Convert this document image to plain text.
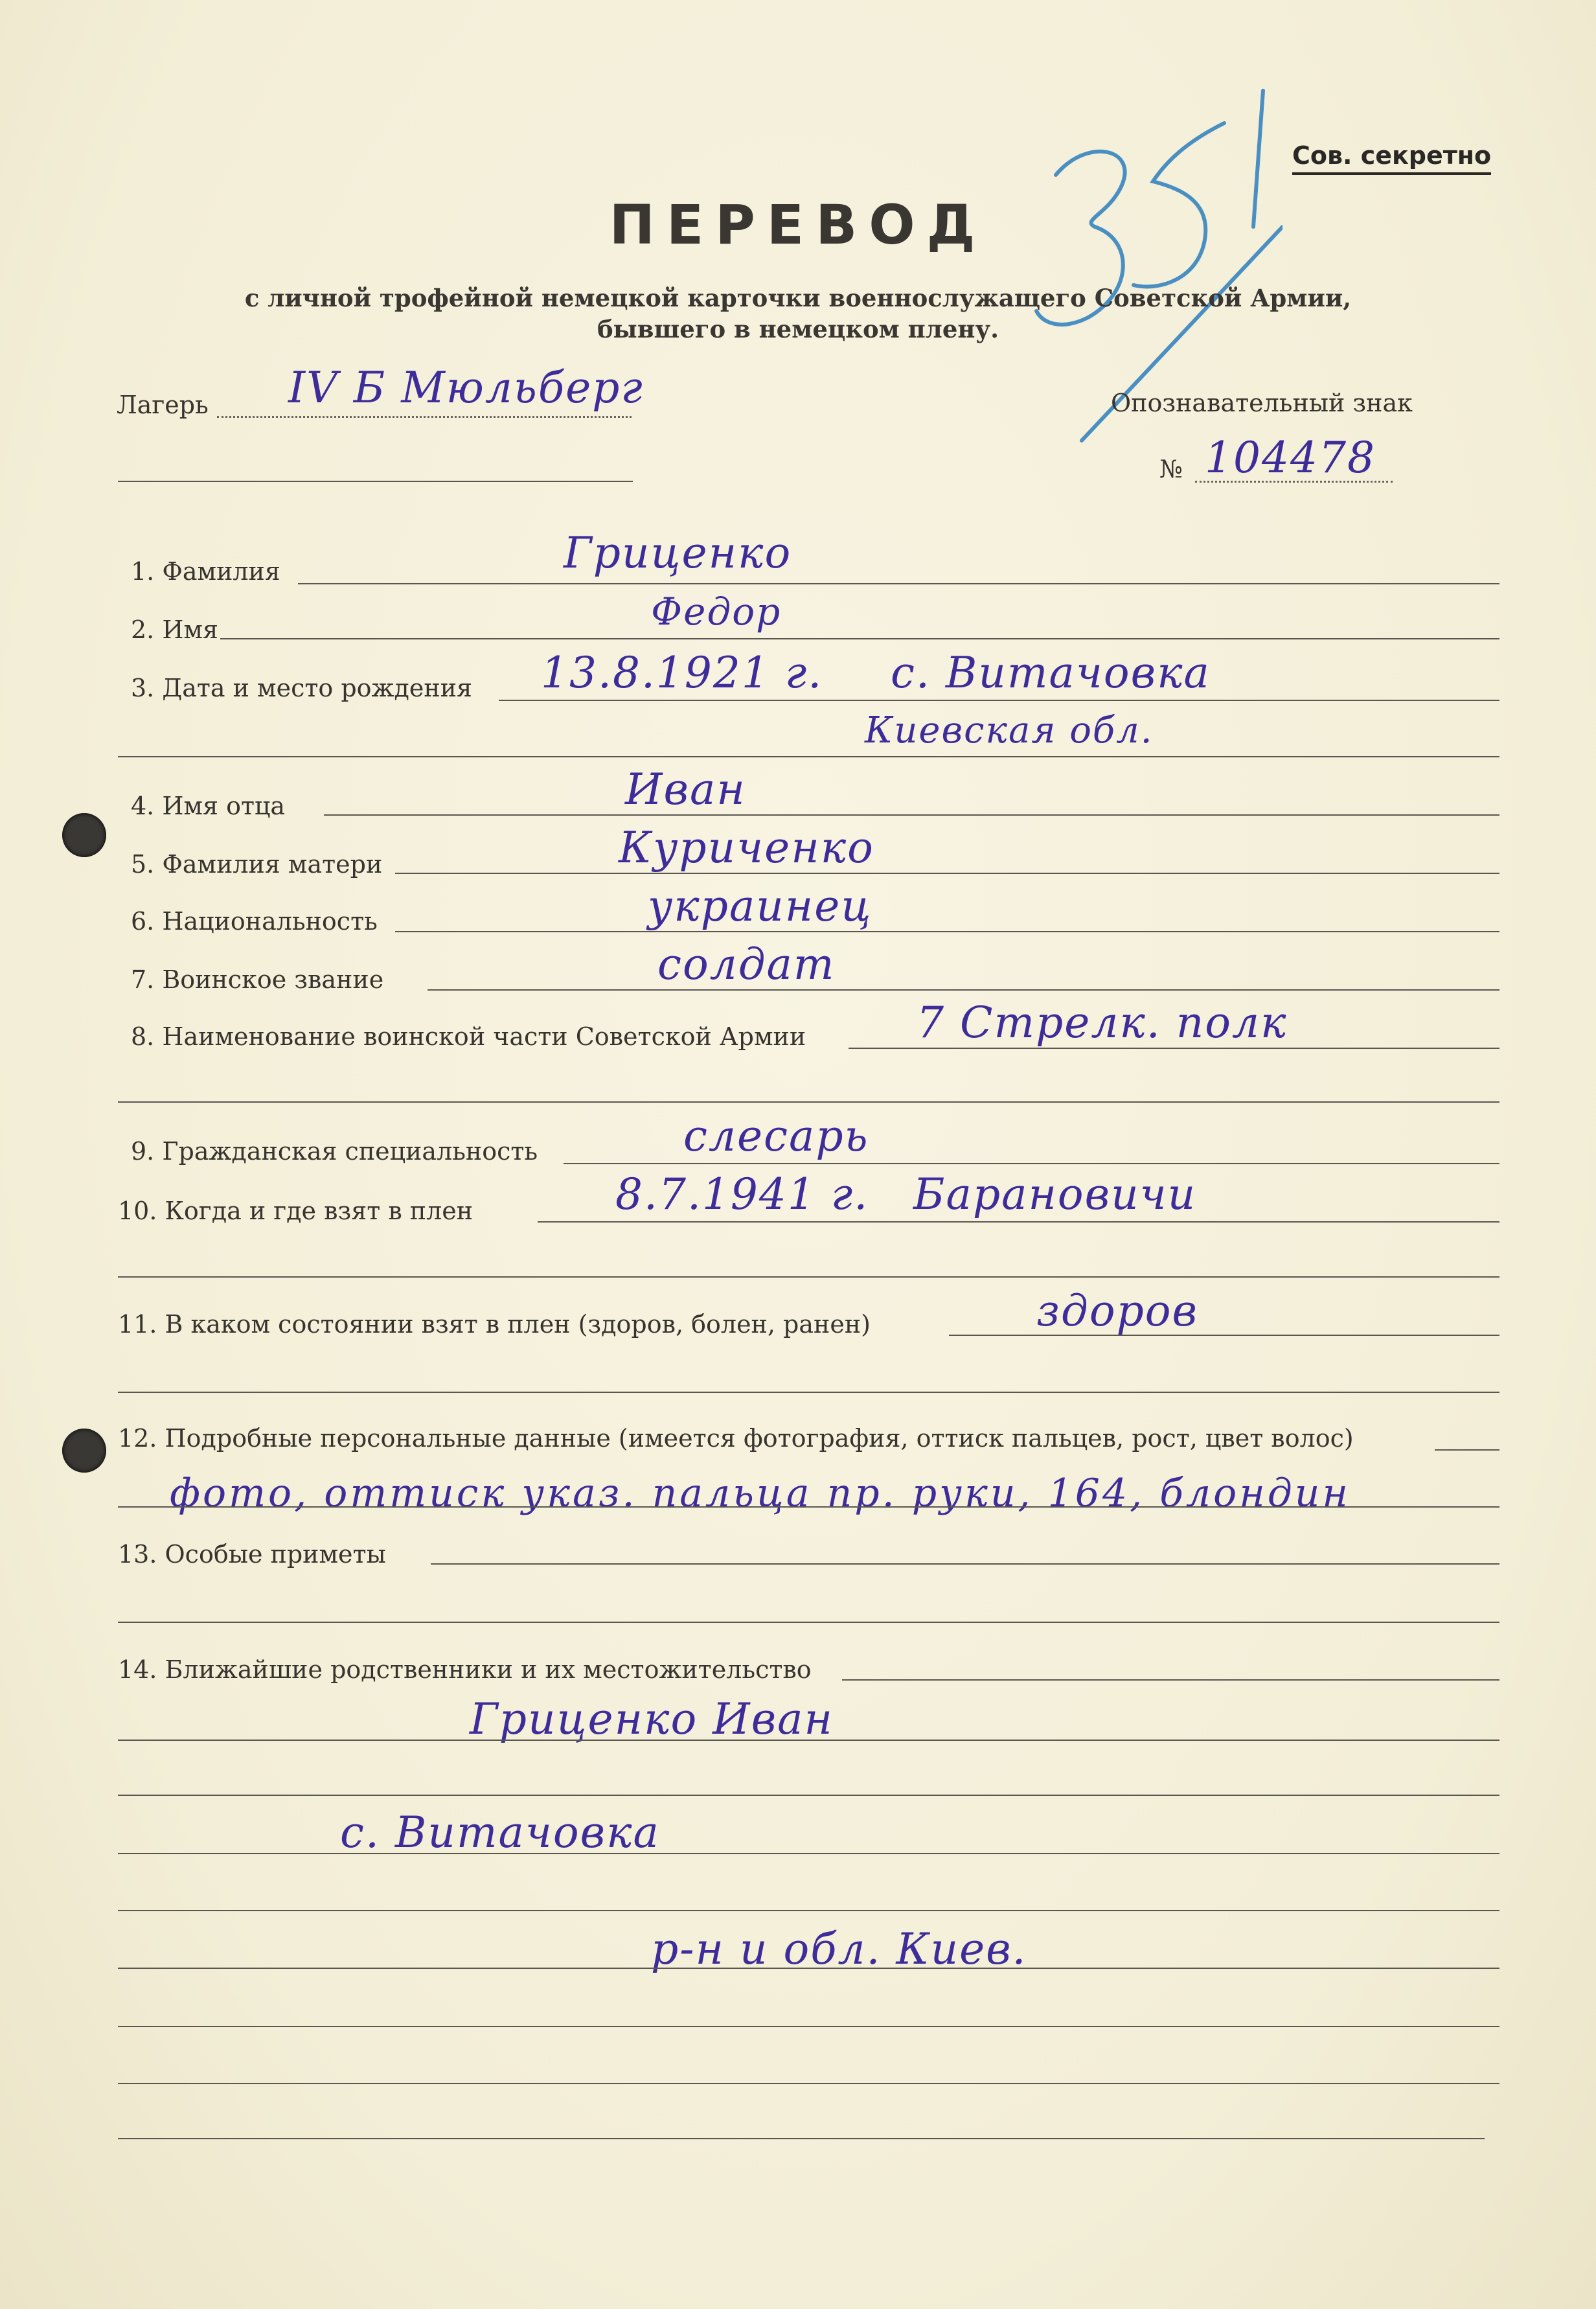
Сов. секретно
351
ПЕРЕВОД
с личной трофейной немецкой карточки военнослужащего Советской Армии,
бывшего в немецком плену.
Лагерь IV Б Мюльберг	Опознавательный знак
№ 104478
1. Фамилия	Гриценко
2. Имя	Федор
3. Дата и место рождения 13.8.1921 г. с. Витачовка
Киевская обл.
4. Имя отца	Иван
5. Фамилия матери	Куриченко
6. Национальность	украинец
7. Воинское звание	солдат
8. Наименование воинской части Советской Армии	7 Стрелк. полк
9. Гражданская специальность	слесарь
10. Когда и где взят в плен	8.7.1941 г. Барановичи
11. В каком состоянии взят в плен (здоров, болен, ранен)	здоров
12. Подробные персональные данные (имеется фотография, оттиск пальцев, рост, цвет волос)
фото, оттиск указ. пальца пр. руки, 164, блондин
13. Особые приметы
14. Ближайшие родственники и их местожительство
Гриценко Иван
с. Витачовка
р-н и обл. Киев.
